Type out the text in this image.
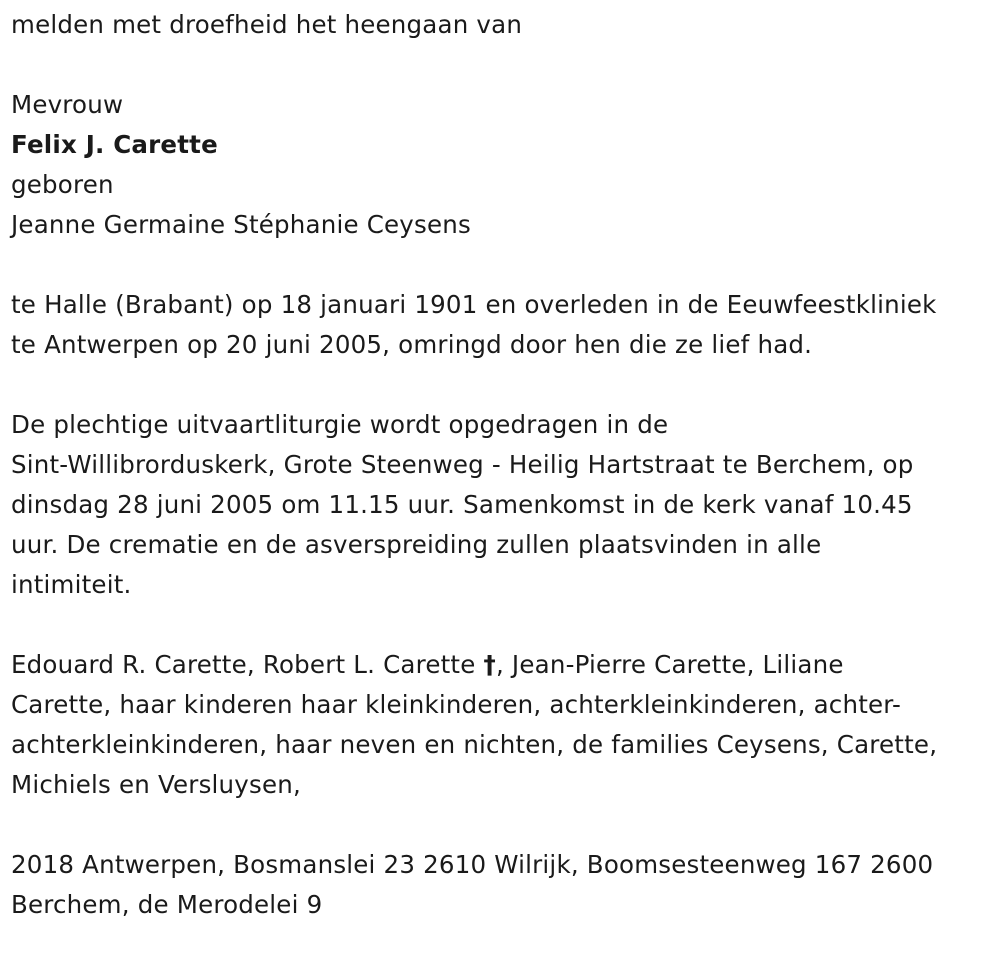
melden met droefheid het heengaan van
Mevrouw
Felix J. Carette
geboren
Jeanne Germaine Stéphanie Ceysens
te Halle (Brabant) op 18 januari 1901 en overleden in de Eeuwfeestkliniek
te Antwerpen op 20 juni 2005, omringd door hen die ze lief had.
De plechtige uitvaartliturgie wordt opgedragen in de
Sint-Willibrorduskerk, Grote Steenweg - Heilig Hartstraat te Berchem, op
dinsdag 28 juni 2005 om 11.15 uur. Samenkomst in de kerk vanaf 10.45
uur. De crematie en de asverspreiding zullen plaatsvinden in alle
intimiteit.
Edouard R. Carette, Robert L. Carette †, Jean-Pierre Carette, Liliane
Carette, haar kinderen haar kleinkinderen, achterkleinkinderen, achter-
achterkleinkinderen, haar neven en nichten, de families Ceysens, Carette,
Michiels en Versluysen,
2018 Antwerpen, Bosmanslei 23 2610 Wilrijk, Boomsesteenweg 167 2600
Berchem, de Merodelei 9
